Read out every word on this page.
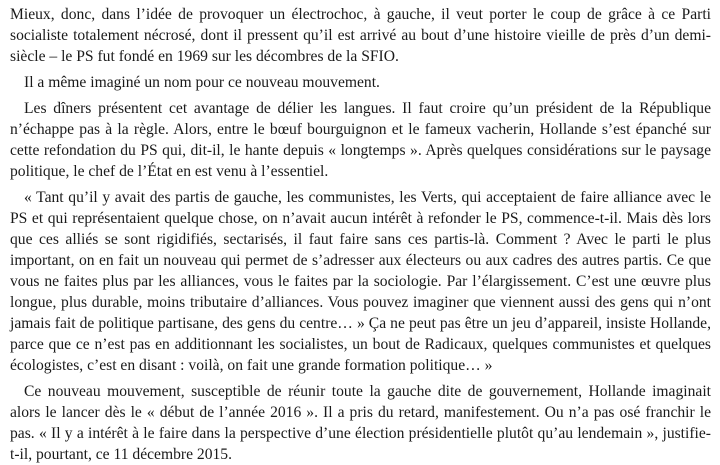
Mieux, donc, dans l’idée de provoquer un électrochoc, à gauche, il veut porter le coup de grâce à ce Parti socialiste totalement nécrosé, dont il pressent qu’il est arrivé au bout d’une histoire vieille de près d’un demi-siècle – le PS fut fondé en 1969 sur les décombres de la SFIO.

Il a même imaginé un nom pour ce nouveau mouvement.

Les dîners présentent cet avantage de délier les langues. Il faut croire qu’un président de la République n’échappe pas à la règle. Alors, entre le bœuf bourguignon et le fameux vacherin, Hollande s’est épanché sur cette refondation du PS qui, dit-il, le hante depuis « longtemps ». Après quelques considérations sur le paysage politique, le chef de l’État en est venu à l’essentiel.

« Tant qu’il y avait des partis de gauche, les communistes, les Verts, qui acceptaient de faire alliance avec le PS et qui représentaient quelque chose, on n’avait aucun intérêt à refonder le PS, commence-t-il. Mais dès lors que ces alliés se sont rigidifiés, sectarisés, il faut faire sans ces partis-là. Comment ? Avec le parti le plus important, on en fait un nouveau qui permet de s’adresser aux électeurs ou aux cadres des autres partis. Ce que vous ne faites plus par les alliances, vous le faites par la sociologie. Par l’élargissement. C’est une œuvre plus longue, plus durable, moins tributaire d’alliances. Vous pouvez imaginer que viennent aussi des gens qui n’ont jamais fait de politique partisane, des gens du centre… » Ça ne peut pas être un jeu d’appareil, insiste Hollande, parce que ce n’est pas en additionnant les socialistes, un bout de Radicaux, quelques communistes et quelques écologistes, c’est en disant : voilà, on fait une grande formation politique… »

Ce nouveau mouvement, susceptible de réunir toute la gauche dite de gouvernement, Hollande imaginait alors le lancer dès le « début de l’année 2016 ». Il a pris du retard, manifestement. Ou n’a pas osé franchir le pas. « Il y a intérêt à le faire dans la perspective d’une élection présidentielle plutôt qu’au lendemain », justifie-t-il, pourtant, ce 11 décembre 2015.
